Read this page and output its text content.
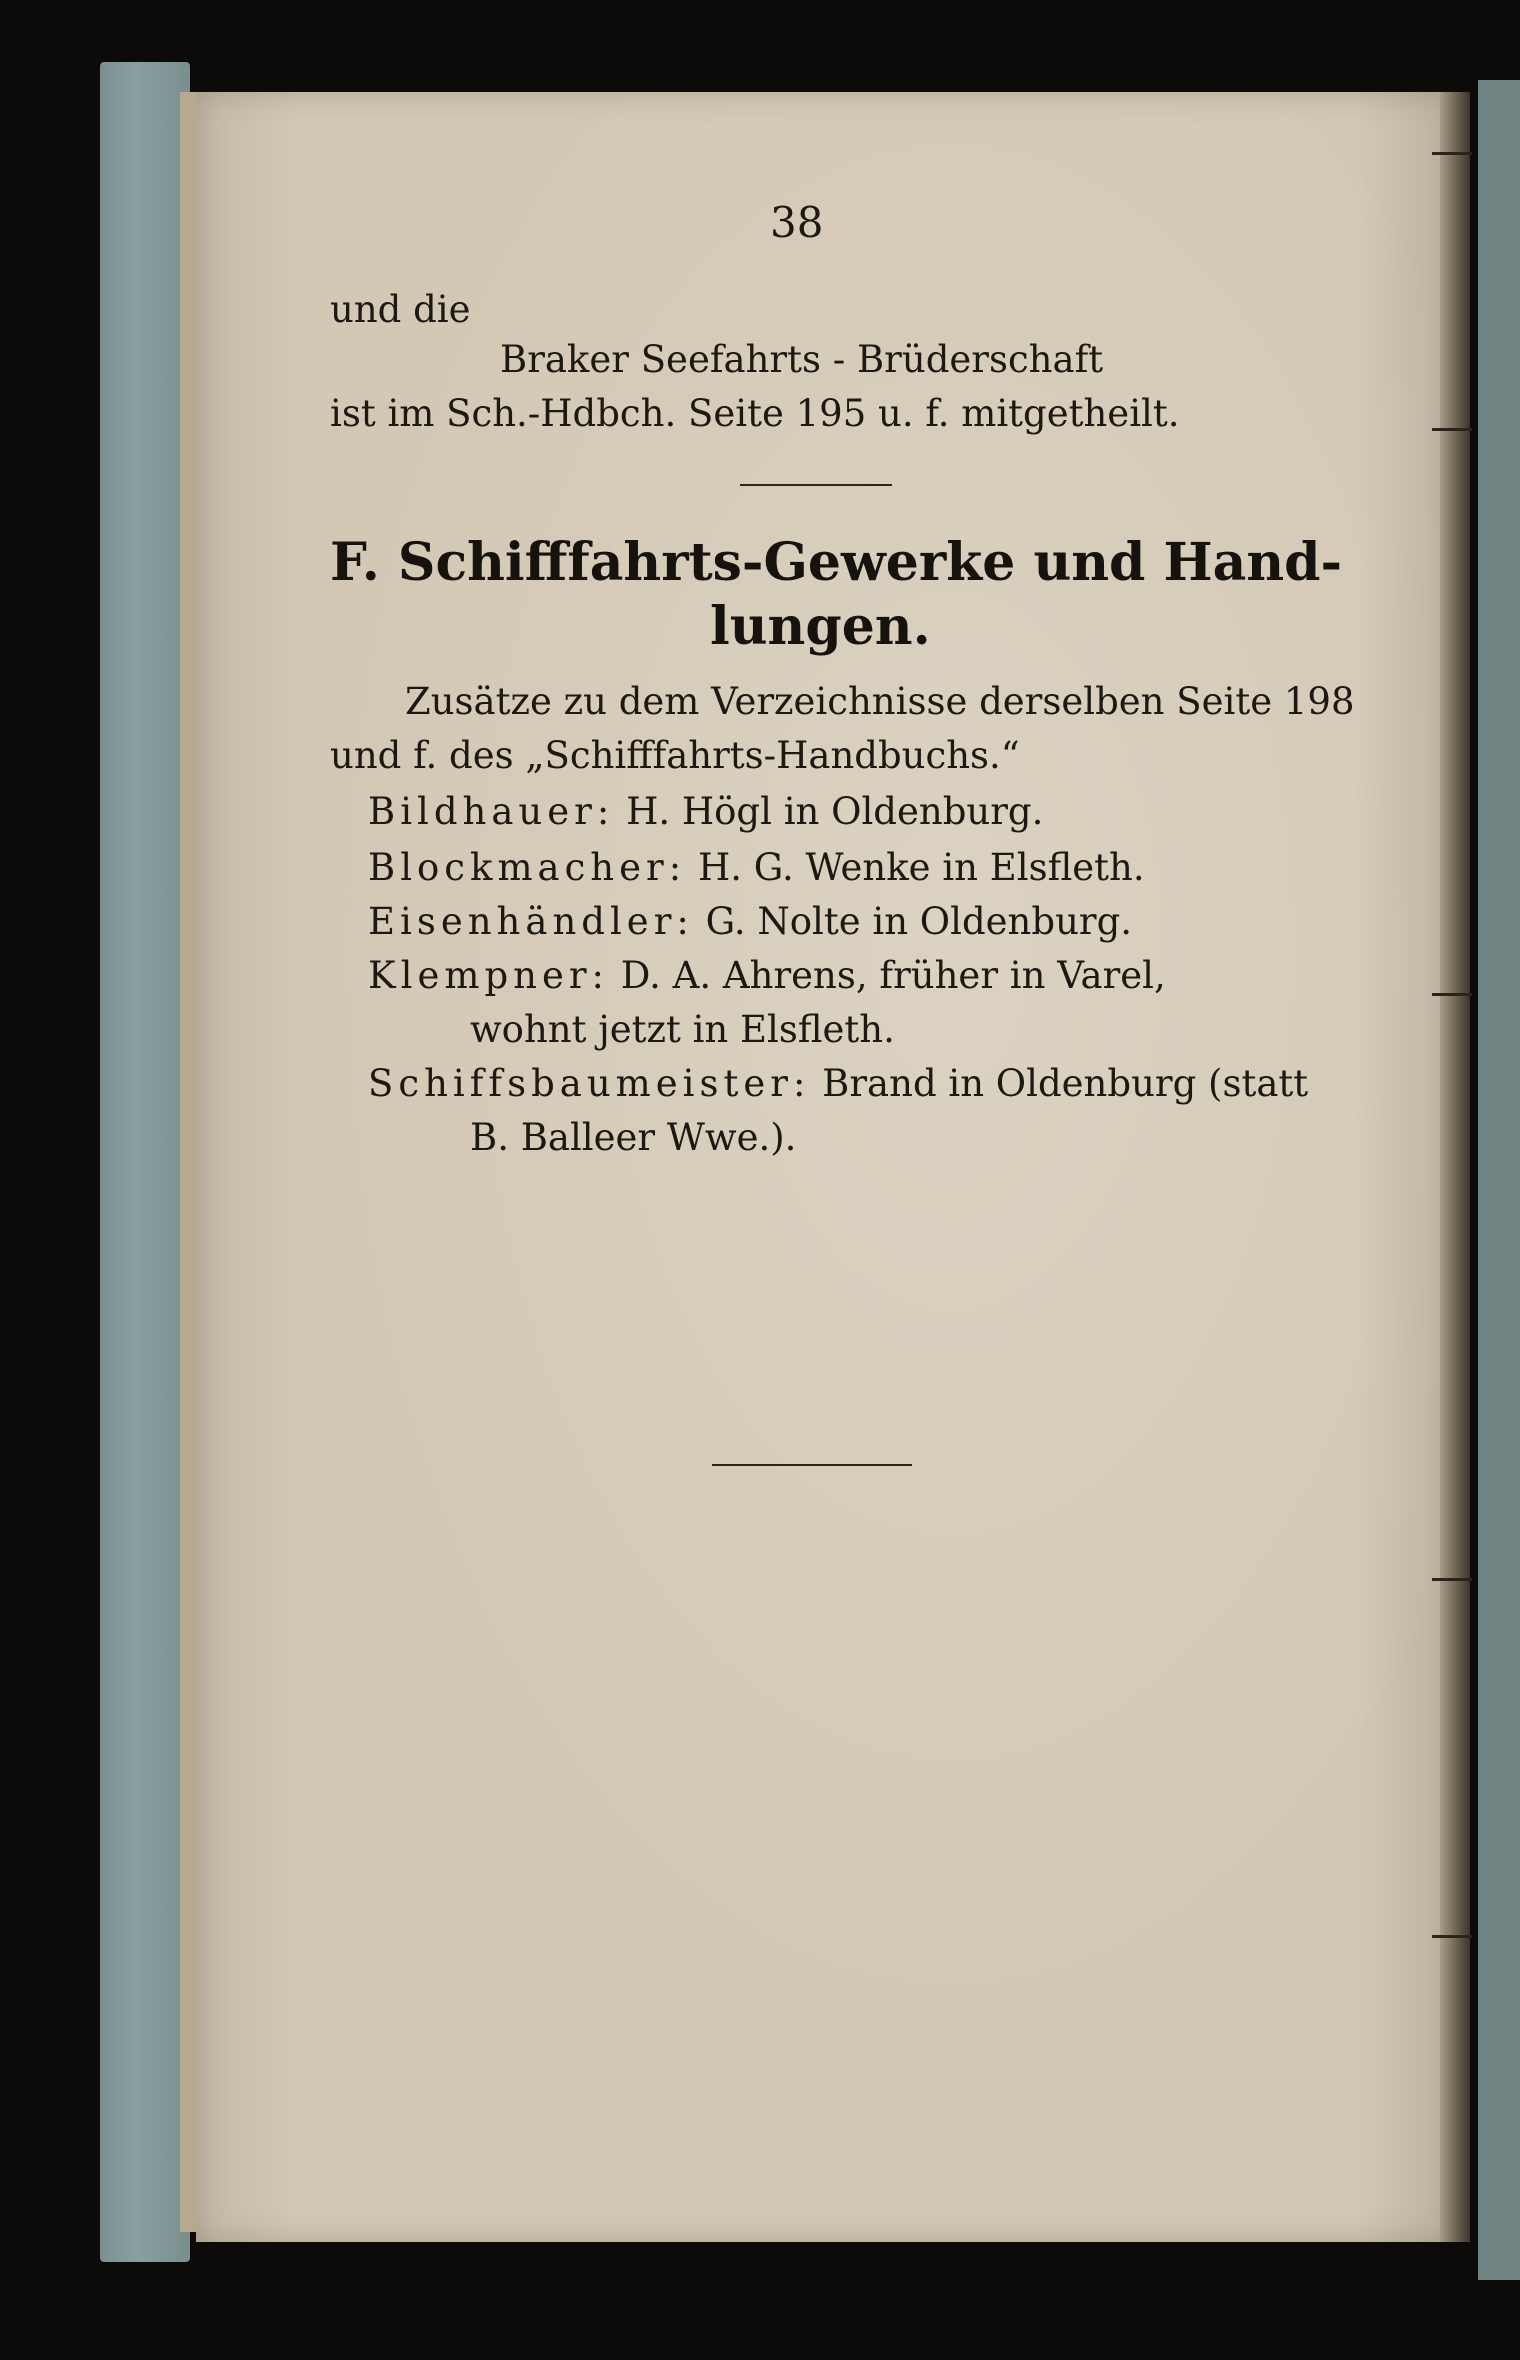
38
und die
Braker Seefahrts - Brüderschaft
ist im Sch.-Hdbch. Seite 195 u. f. mitgetheilt.
F. Schifffahrts-Gewerke und Hand-
lungen.
Zusätze zu dem Verzeichnisse derselben Seite 198
und f. des „Schifffahrts-Handbuchs.“
Bildhauer: H. Högl in Oldenburg.
Blockmacher: H. G. Wenke in Elsfleth.
Eisenhändler: G. Nolte in Oldenburg.
Klempner: D. A. Ahrens, früher in Varel,
wohnt jetzt in Elsfleth.
Schiffsbaumeister: Brand in Oldenburg (statt
B. Balleer Wwe.).
